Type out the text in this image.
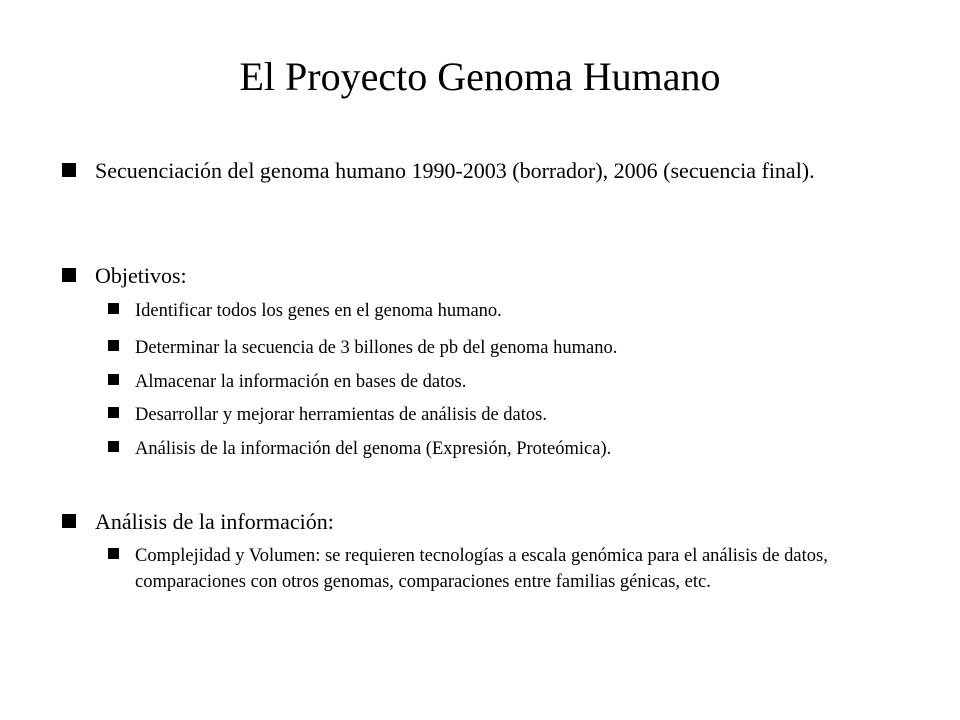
El Proyecto Genoma Humano
Secuenciación del genoma humano 1990-2003 (borrador), 2006 (secuencia final).
Objetivos:
Identificar todos los genes en el genoma humano.
Determinar la secuencia de 3 billones de pb del genoma humano.
Almacenar la información en bases de datos.
Desarrollar y mejorar herramientas de análisis de datos.
Análisis de la información del genoma (Expresión, Proteómica).
Análisis de la información:
Complejidad y Volumen: se requieren tecnologías a escala genómica para el análisis de datos, comparaciones con otros genomas, comparaciones entre familias génicas, etc.
